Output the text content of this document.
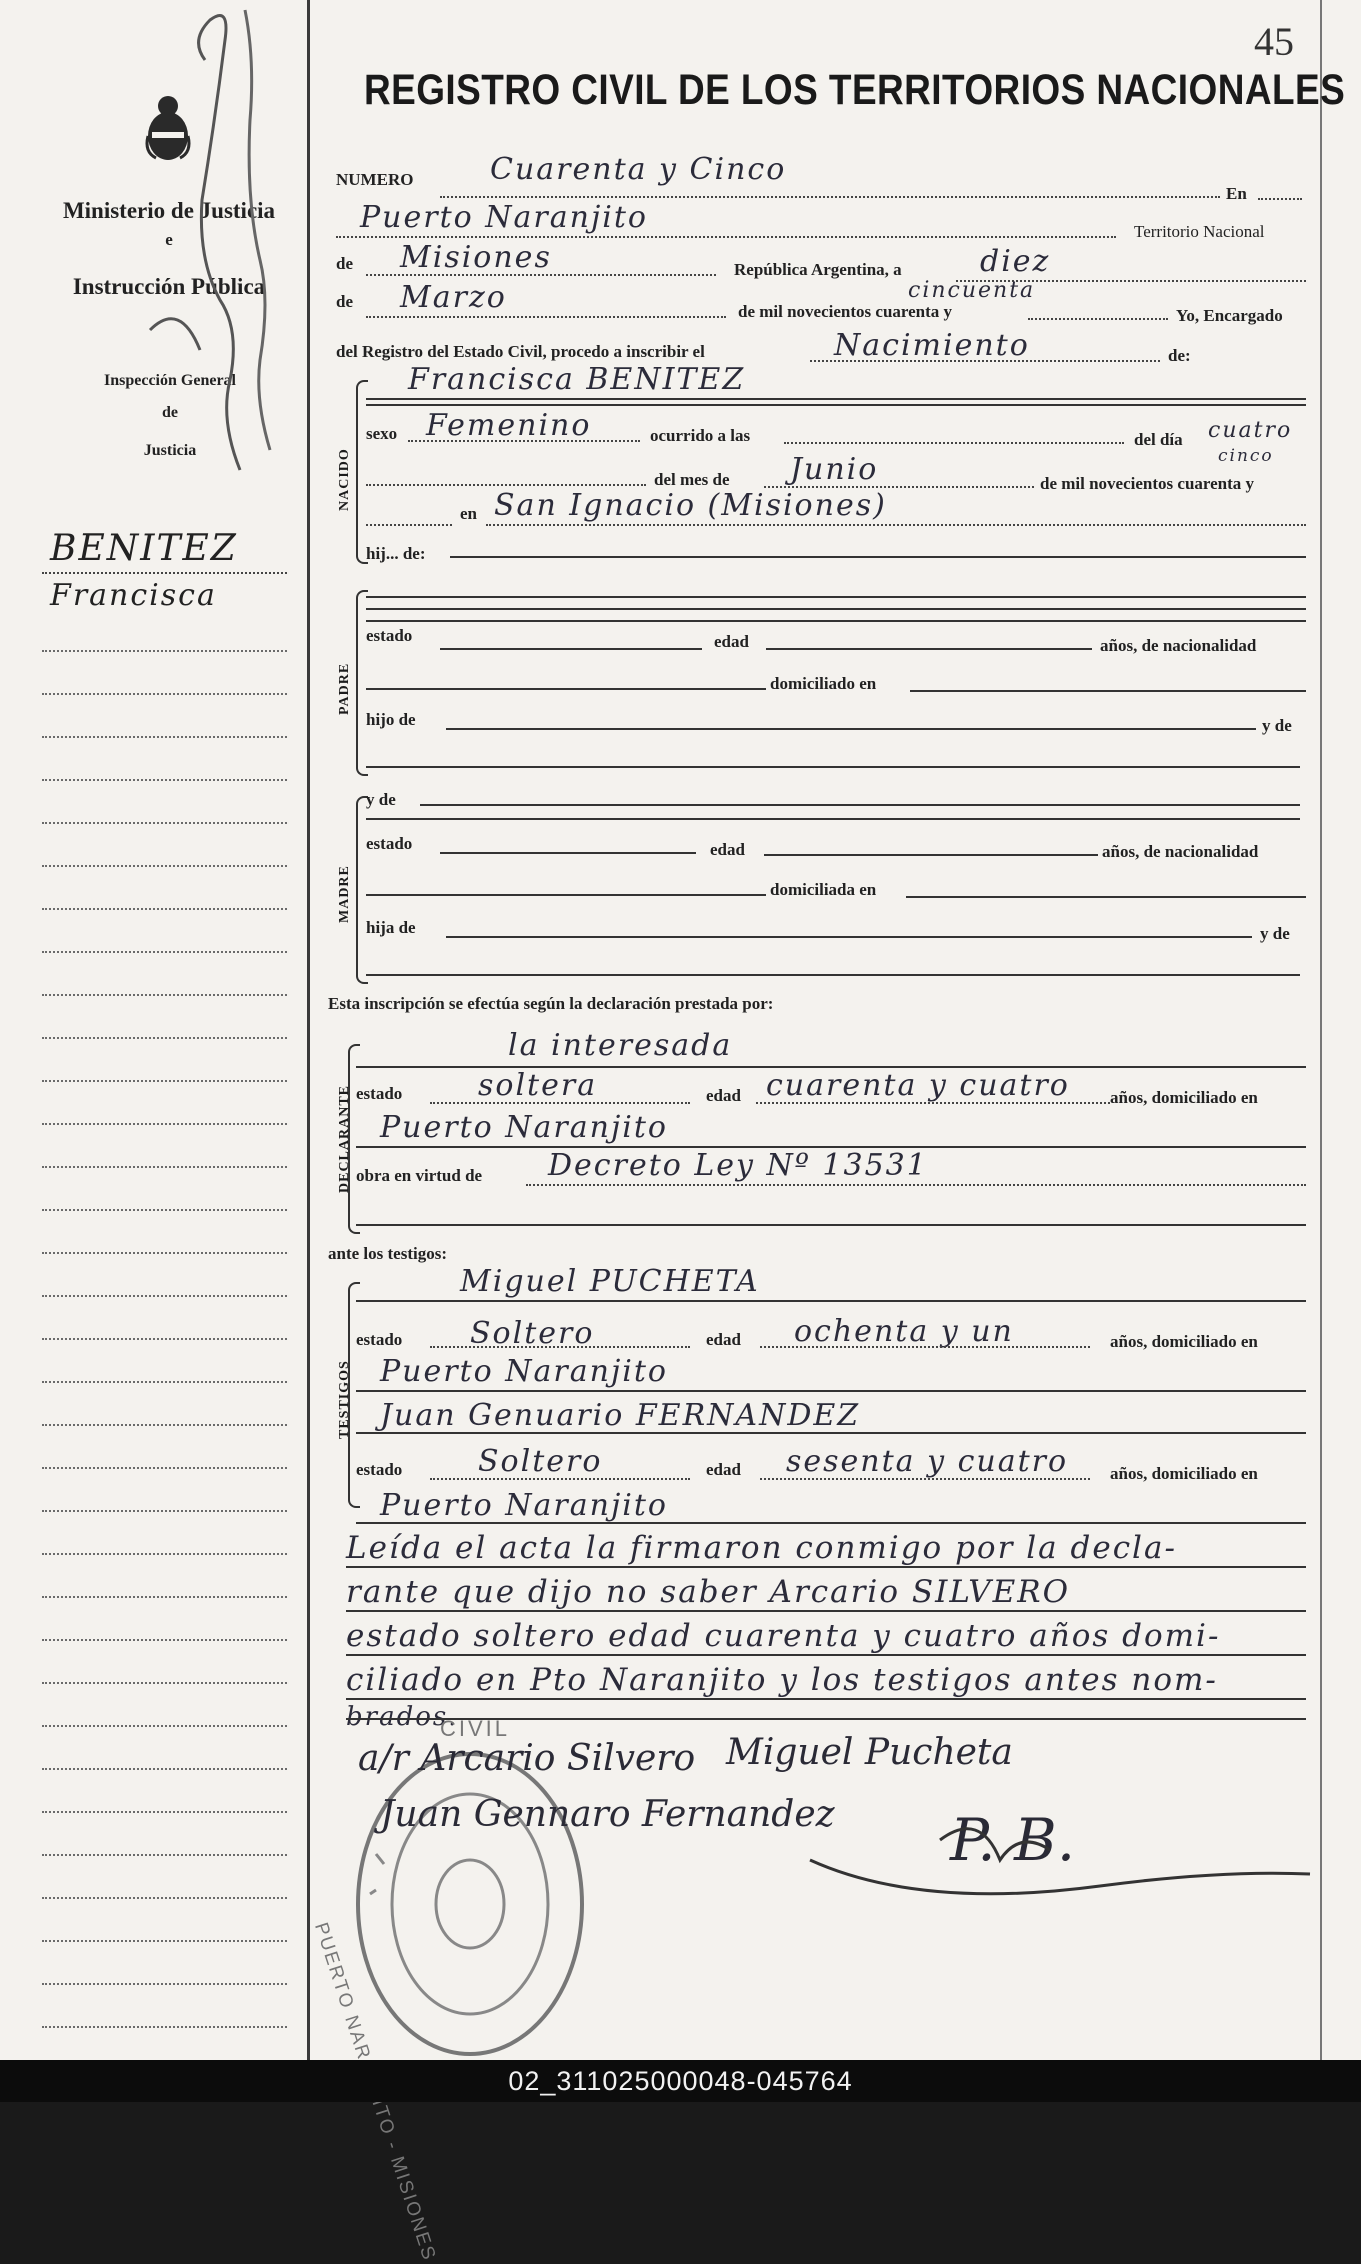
Ministerio de Justicia
e
Instrucción Pública
Inspección General
de
Justicia
BENITEZ
Francisca
45
REGISTRO CIVIL DE LOS TERRITORIOS NACIONALES
NUMERO	Cuarenta y Cinco
En
Puerto Naranjito	Territorio Nacional
de Misiones	República Argentina, a	diez
de Marzo	de mil novecientos cuarenta y
cincuenta
Yo, Encargado
del Registro del Estado Civil, procedo a inscribir el	Nacimiento	de:
NACIDO
Francisca BENITEZ
sexo Femenino	ocurrido a las	del día cuatro
cinco
del mes de Junio	de mil novecientos cuarenta y
en San Ignacio (Misiones)
hij... de:
PADRE
estado	edad	años, de nacionalidad
domiciliado en
hijo de	y de
MADRE
y de
estado	edad	años, de nacionalidad
domiciliada en
hija de	y de
Esta inscripción se efectúa según la declaración prestada por:
DECLARANTE
la interesada
estado	soltera	edad cuarenta y cuatro años, domiciliado en
Puerto Naranjito
obra en virtud de Decreto Ley Nº 13531
ante los testigos:
TESTIGOS
Miguel PUCHETA
estado Soltero	edad ochenta y un	años, domiciliado en
Puerto Naranjito
Juan Genuario FERNANDEZ
estado	Soltero	edad sesenta y cuatro años, domiciliado en
Puerto Naranjito
Leída el acta la firmaron conmigo por la decla-
rante que dijo no saber Arcario SILVERO
estado soltero edad cuarenta y cuatro años domi-
ciliado en Pto Naranjito y los testigos antes nom-
brados.
CIVIL
a/r Arcario Silvero Miguel Pucheta
Juan Gennaro Fernandez P. B.
02_311025000048-045764
